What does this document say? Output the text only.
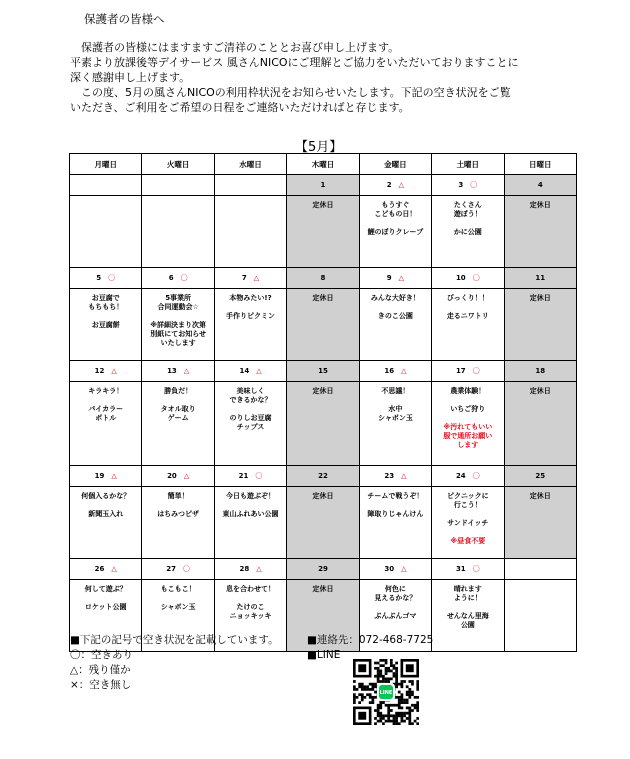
保護者の皆様へ

　保護者の皆様にはますますご清祥のこととお喜び申し上げます。

平素より放課後等デイサービス 風さんNICOにご理解とご協力をいただいておりますことに

深く感謝申し上げます。

　この度、5月の風さんNICOの利用枠状況をお知らせいたします。下記の空き状況をご覧

いただき、ご利用をご希望の日程をご連絡いただければと存じます。

【5月】
月曜日	火曜日	水曜日	木曜日	金曜日	土曜日	日曜日
			1	2 △	3 〇	4

			定休日	もうすぐ
こどもの日！
鯉のぼりクレープ	たくさん
遊ぼう！
かに公園	定休日

5 〇	6 〇	7 △	8	9 △	10 〇	11

お豆腐で
もちもち！
お豆腐餅	5事業所
合同運動会☆
※詳細決まり次第
別紙にてお知らせ
いたします	本物みたい!?
手作りピクミン	定休日	みんな大好き！
きのこ公園	びっくり！！
走るニワトリ	定休日

12 △	13 △	14 △	15	16 △	17 〇	18

キラキラ！
バイカラー
ボトル	勝負だ！
タオル取り
ゲーム	美味しく
できるかな？
のりしお豆腐
チップス	定休日	不思議！
水中
シャボン玉	農業体験！
いちご狩り
※汚れてもいい
服で通所お願い
します	定休日

19 △	20 △	21 〇	22	23 △	24 〇	25

何個入るかな？
新聞玉入れ	簡単！
はちみつピザ	今日も遊ぶぞ！
東山ふれあい公園	定休日	チームで戦うぞ！
障取りじゃんけん	ピクニックに
行こう！
サンドイッチ
※昼食不要	定休日

26 △	27 〇	28 △	29	30 △	31 〇	

何して遊ぶ？
ロケット公園	もこもこ！
シャボン玉	息を合わせて！
たけのこ
ニョッキッキ	定休日	何色に
見えるかな？
ぶんぶんゴマ	晴れます
ように！
せんなん里海
公園	

■下記の記号で空き状況を記載しています。
〇：空きあり
△：残り僅か
×：空き無し
■連絡先：072-468-7725
■LINE
LINE
